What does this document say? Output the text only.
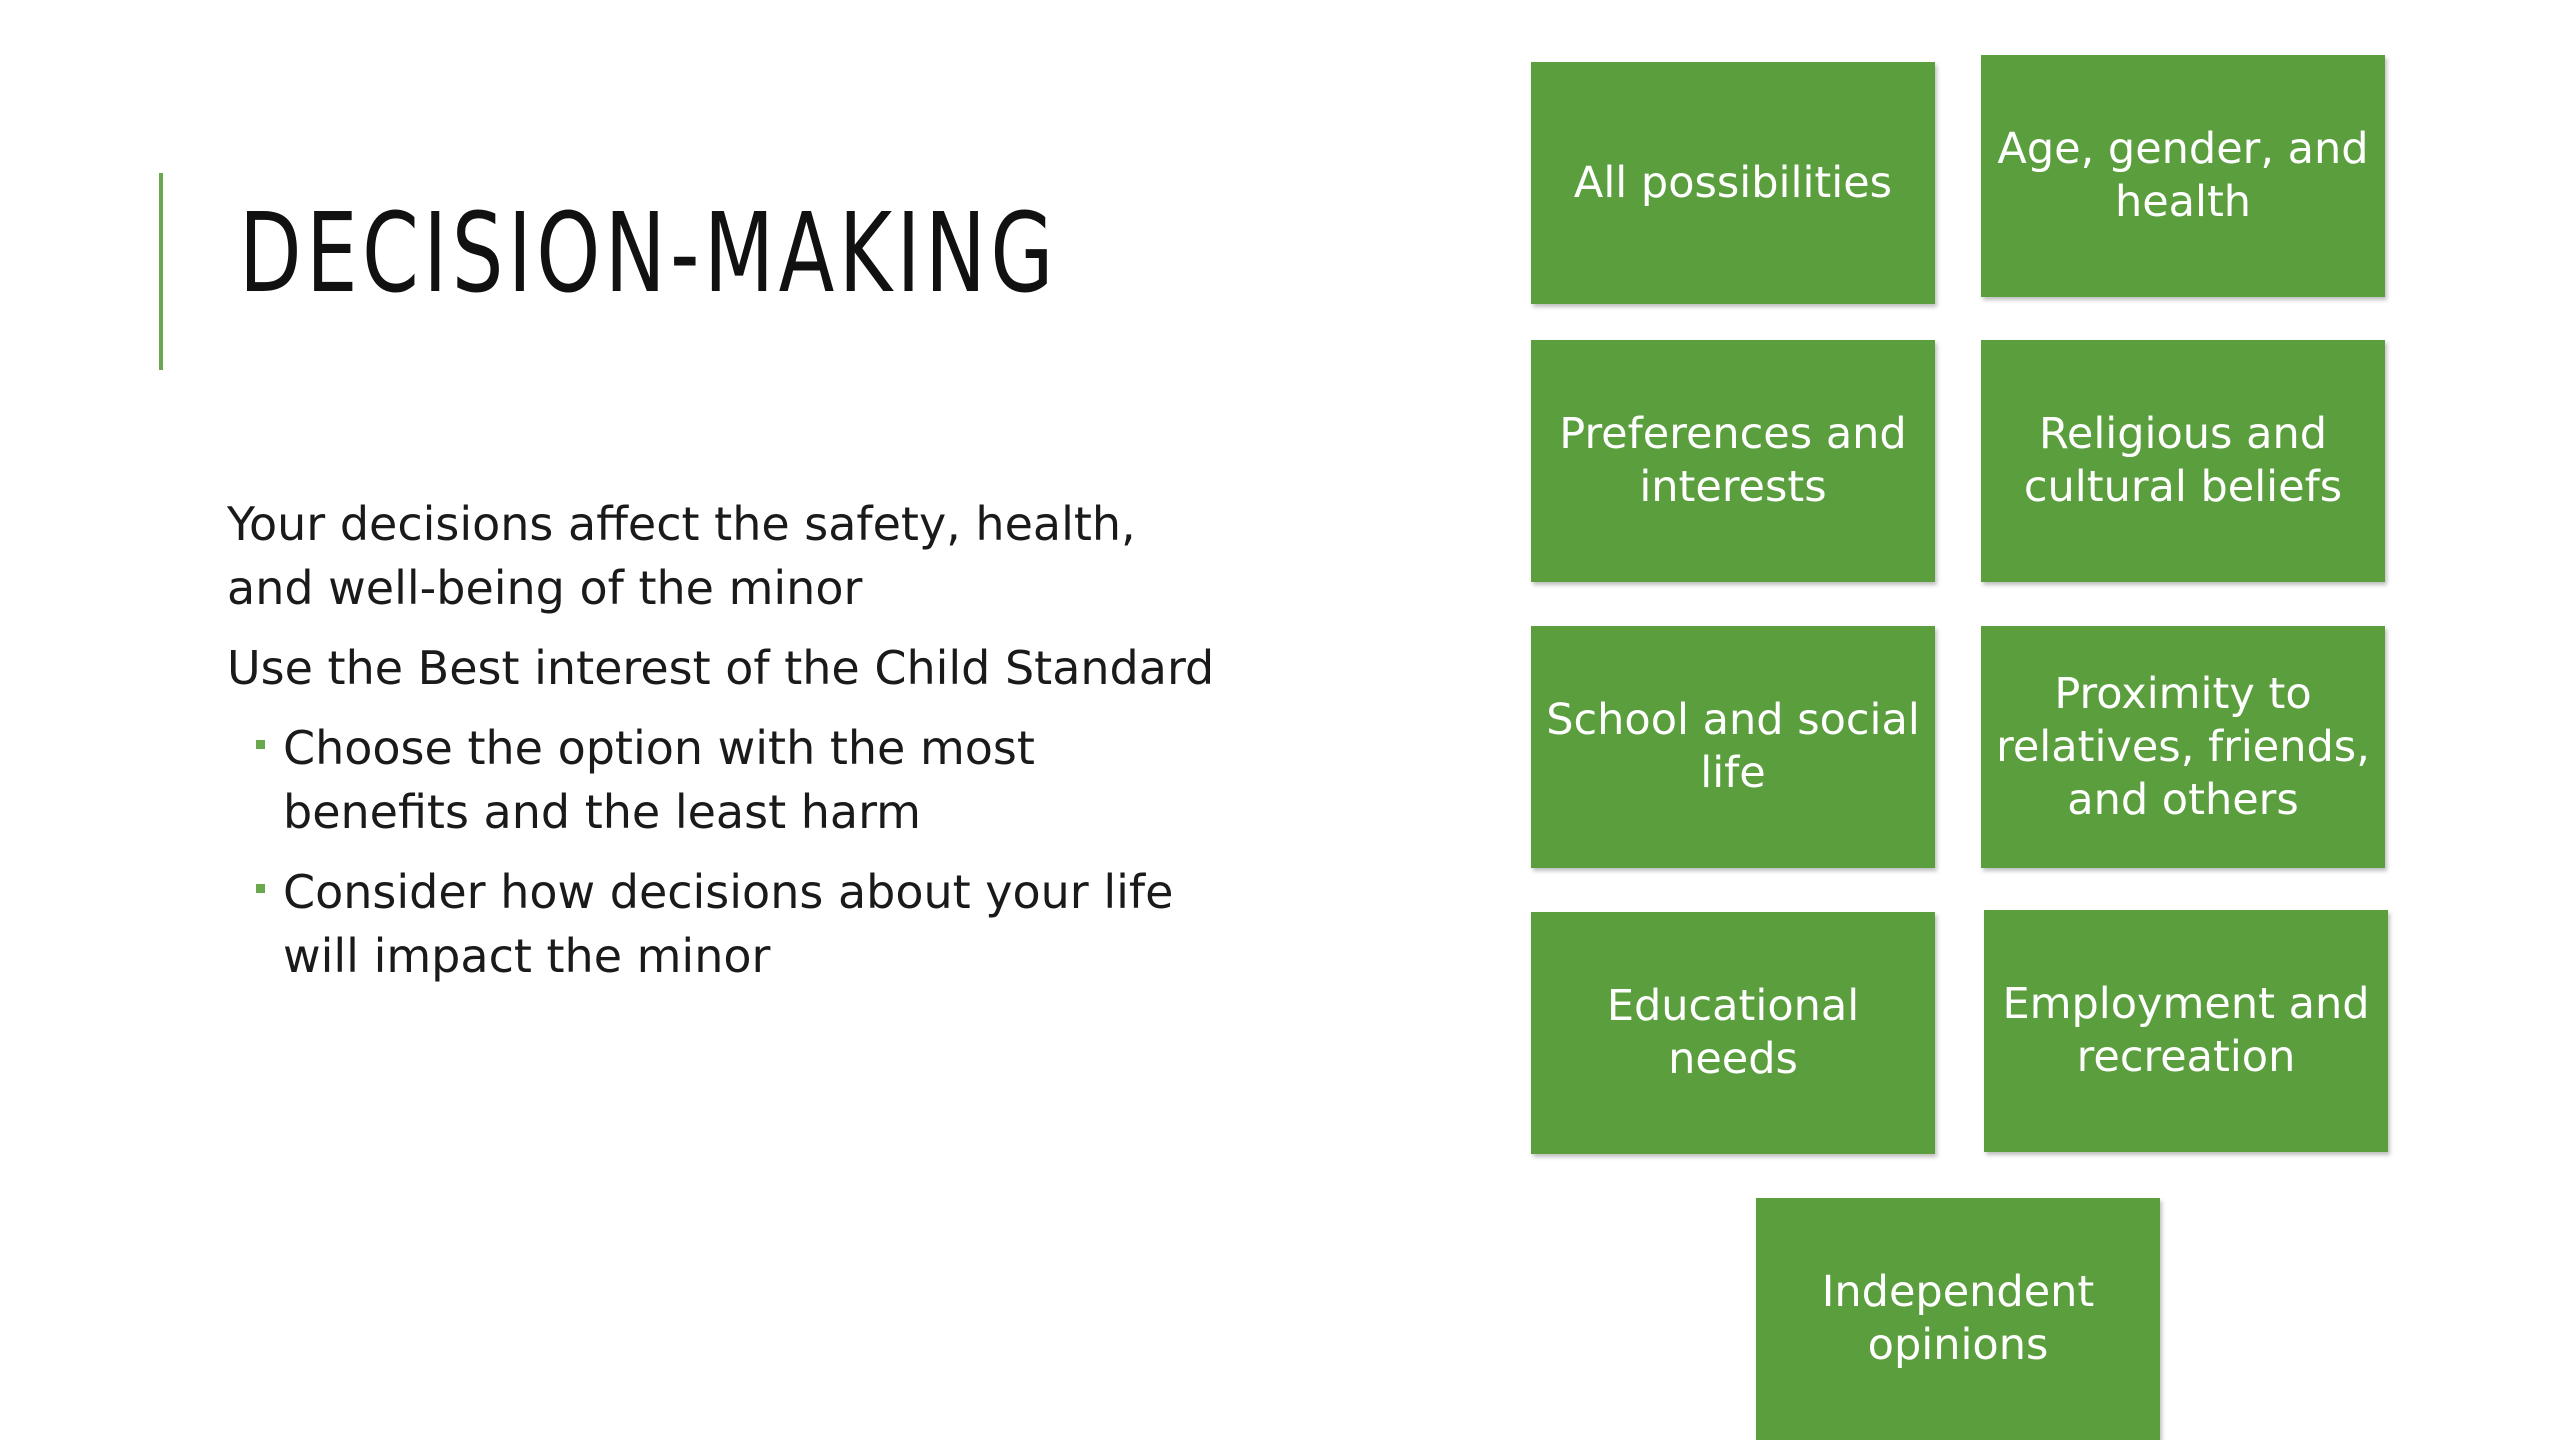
DECISION-MAKING

Your decisions affect the safety, health, and well-being of the minor

Use the Best interest of the Child Standard

Choose the option with the most benefits and the least harm
Consider how decisions about your life will impact the minor
All possibilities
Age, gender, and health
Preferences and interests
Religious and cultural beliefs
School and social life
Proximity to relatives, friends, and others
Educational needs
Employment and recreation
Independent opinions
